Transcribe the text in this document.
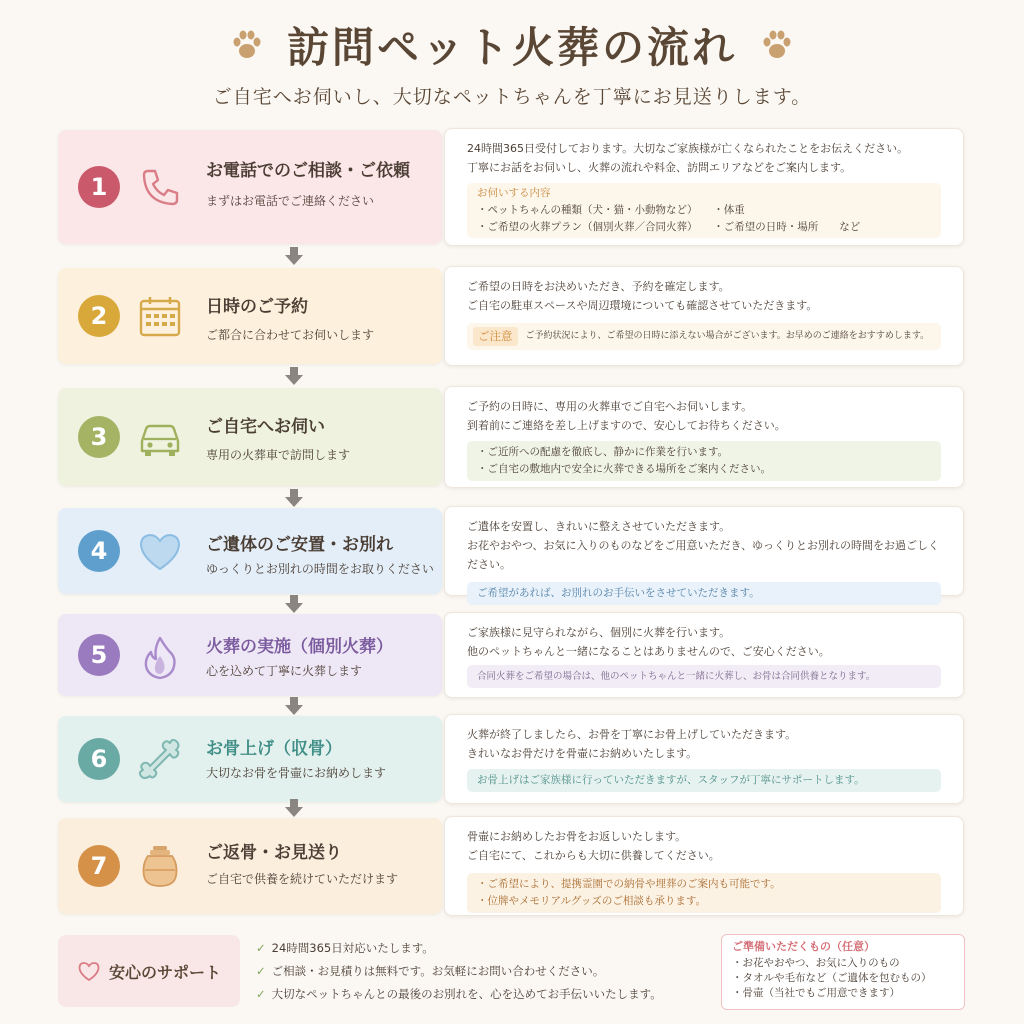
訪問ペット火葬の流れ
ご自宅へお伺いし、大切なペットちゃんを丁寧にお見送りします。
1
お電話でのご相談・ご依頼
まずはお電話でご連絡ください
24時間365日受付しております。大切なご家族様が亡くなられたことをお伝えください。
丁寧にお話をお伺いし、火葬の流れや料金、訪問エリアなどをご案内します。
お伺いする内容
・ペットちゃんの種類（犬・猫・小動物など）　　・体重
・ご希望の火葬プラン（個別火葬／合同火葬）　　・ご希望の日時・場所　　など
2	日時のご予約
ご都合に合わせてお伺いします
ご希望の日時をお決めいただき、予約を確定します。
ご自宅の駐車スペースや周辺環境についても確認させていただきます。
ご注意	ご予約状況により、ご希望の日時に添えない場合がございます。お早めのご連絡をおすすめします。
3	ご自宅へお伺い
専用の火葬車で訪問します
ご予約の日時に、専用の火葬車でご自宅へお伺いします。
到着前にご連絡を差し上げますので、安心してお待ちください。
・ご近所への配慮を徹底し、静かに作業を行います。
・ご自宅の敷地内で安全に火葬できる場所をご案内ください。
4	ご遺体のご安置・お別れ
ゆっくりとお別れの時間をお取りください
ご遺体を安置し、きれいに整えさせていただきます。
お花やおやつ、お気に入りのものなどをご用意いただき、ゆっくりとお別れの時間をお過ごしください。
ご希望があれば、お別れのお手伝いをさせていただきます。
5	火葬の実施（個別火葬）
心を込めて丁寧に火葬します
ご家族様に見守られながら、個別に火葬を行います。
他のペットちゃんと一緒になることはありませんので、ご安心ください。
合同火葬をご希望の場合は、他のペットちゃんと一緒に火葬し、お骨は合同供養となります。
6	お骨上げ（収骨）
大切なお骨を骨壷にお納めします
火葬が終了しましたら、お骨を丁寧にお骨上げしていただきます。
きれいなお骨だけを骨壷にお納めいたします。
お骨上げはご家族様に行っていただきますが、スタッフが丁寧にサポートします。
7	ご返骨・お見送り
ご自宅で供養を続けていただけます
骨壷にお納めしたお骨をお返しいたします。
ご自宅にて、これからも大切に供養してください。
・ご希望により、提携霊園での納骨や埋葬のご案内も可能です。
・位牌やメモリアルグッズのご相談も承ります。
安心のサポート
✓ 24時間365日対応いたします。
✓ ご相談・お見積りは無料です。お気軽にお問い合わせください。
✓ 大切なペットちゃんとの最後のお別れを、心を込めてお手伝いいたします。
ご準備いただくもの（任意）
・お花やおやつ、お気に入りのもの
・タオルや毛布など（ご遺体を包むもの）
・骨壷（当社でもご用意できます）
